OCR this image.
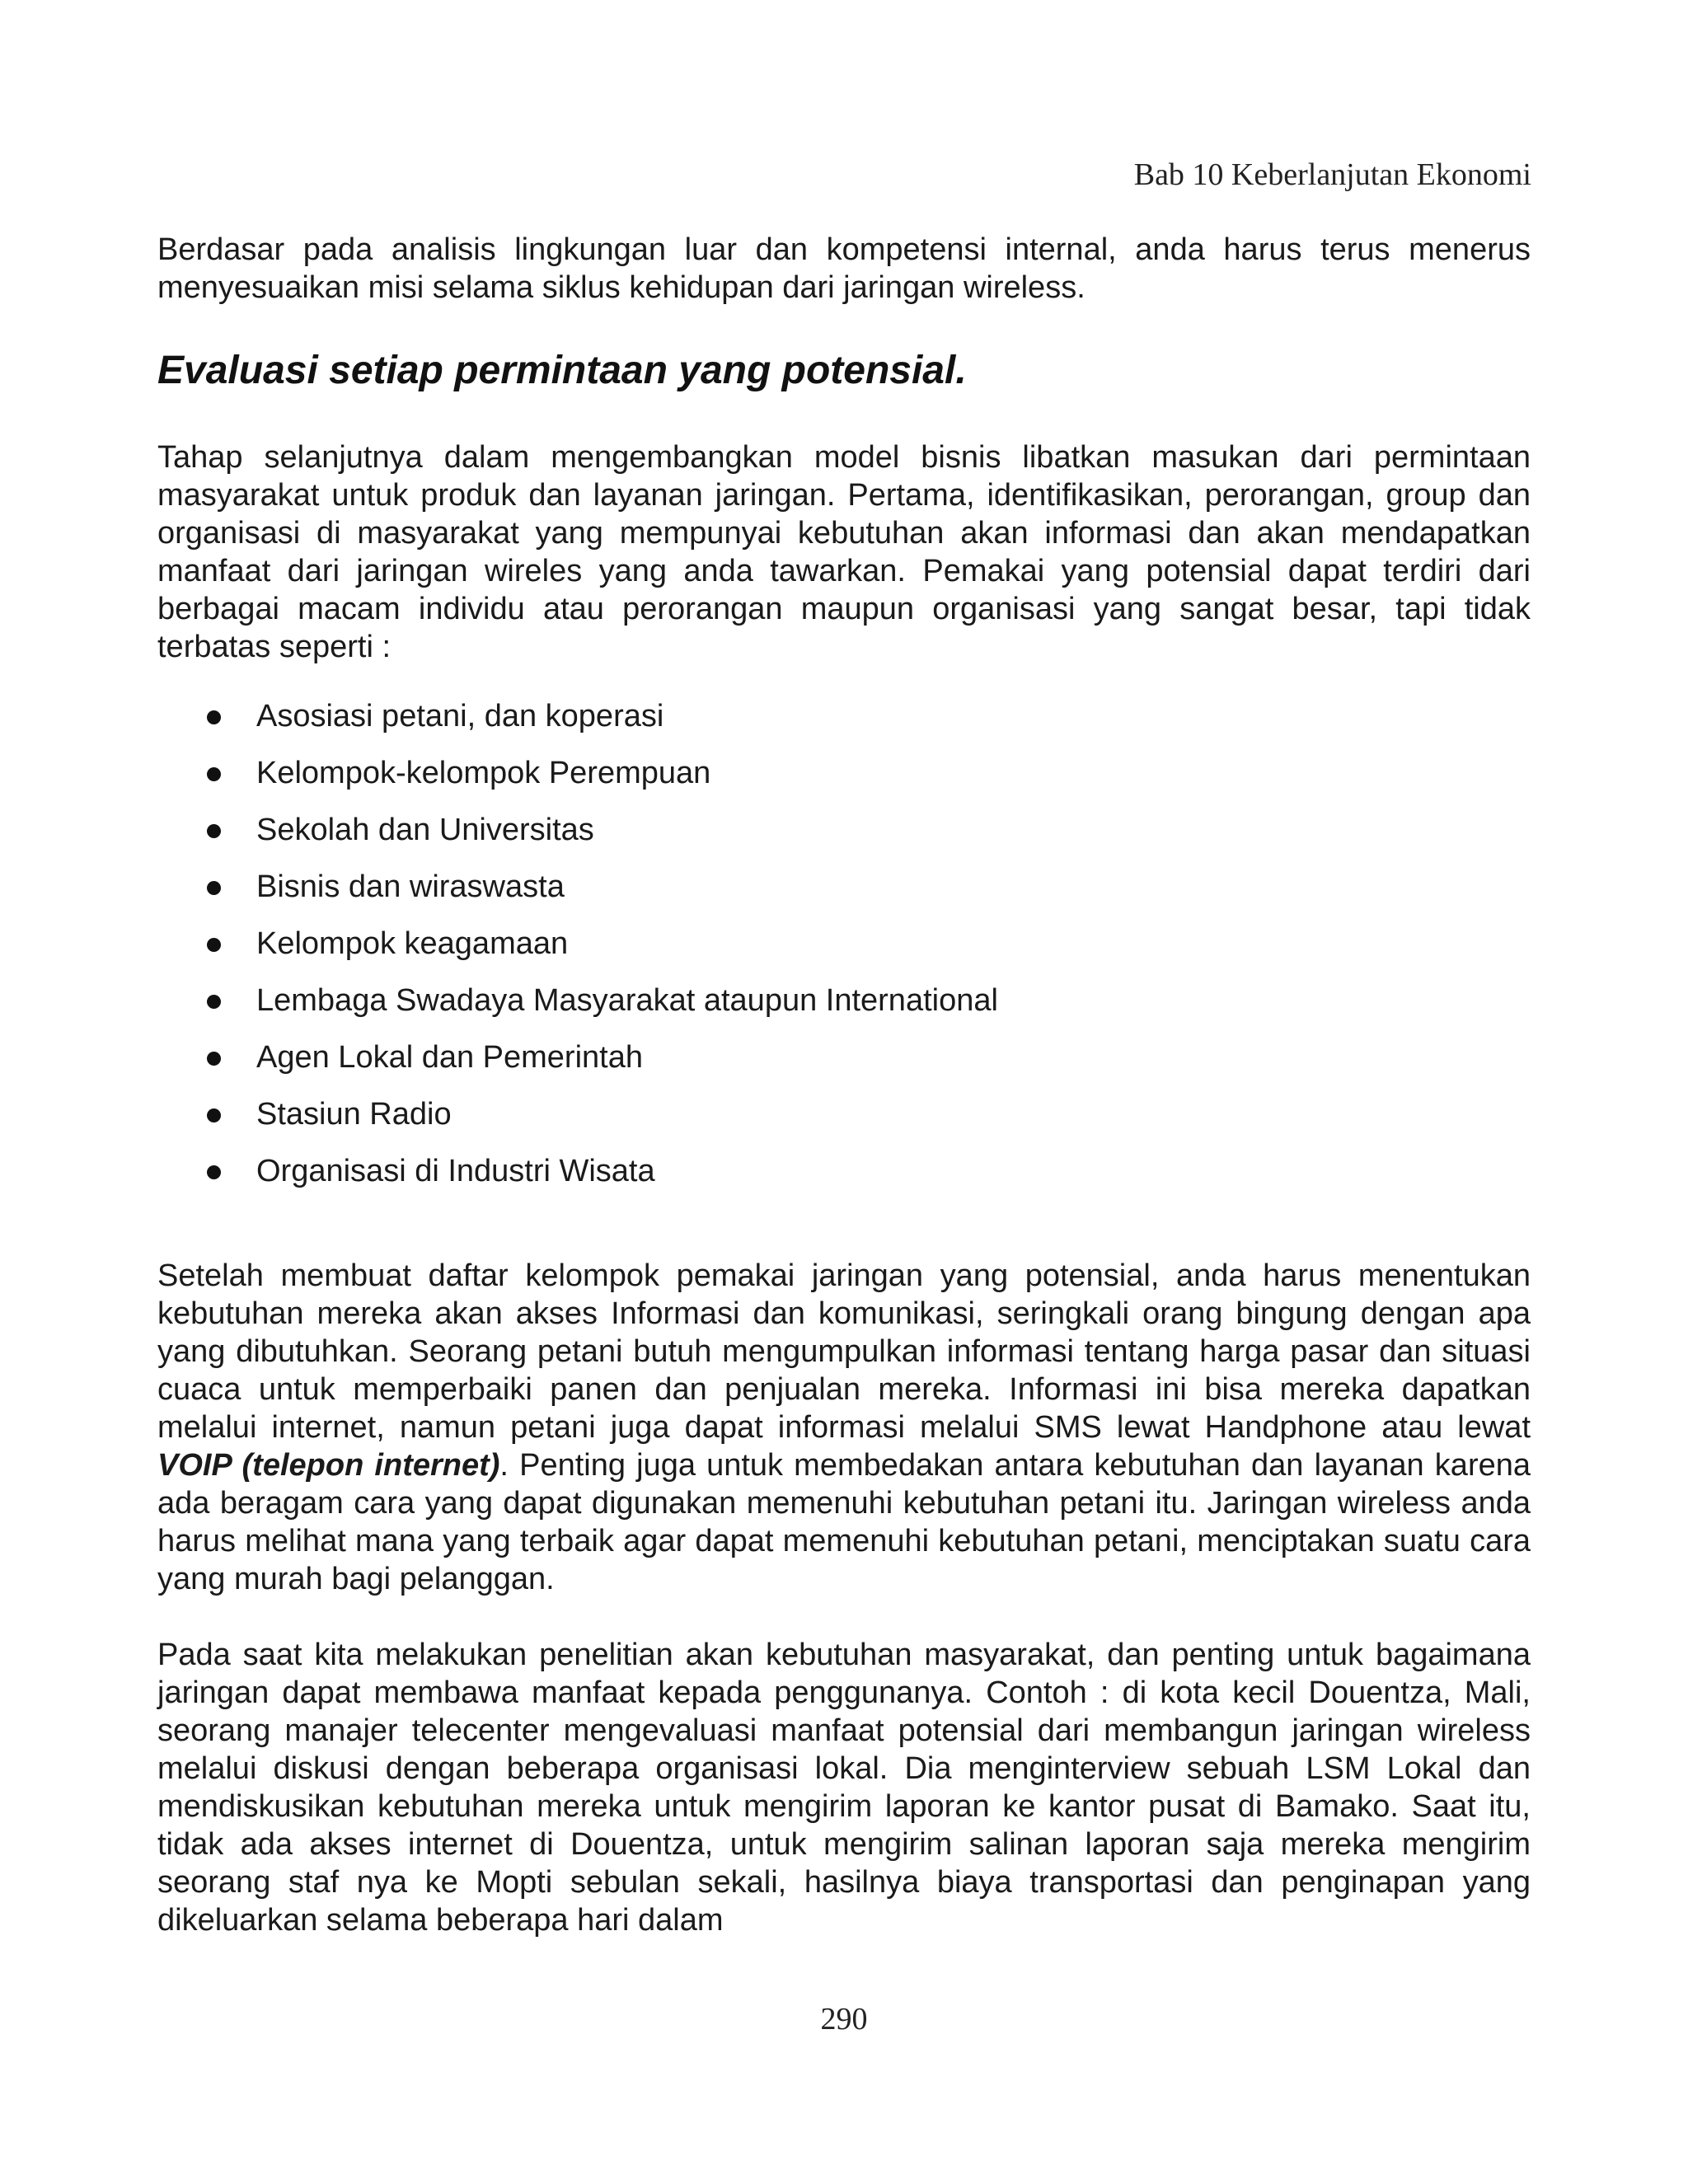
Bab 10 Keberlanjutan Ekonomi

Berdasar pada analisis lingkungan luar dan kompetensi internal, anda harus terus menerus menyesuaikan misi selama siklus kehidupan dari jaringan wireless.

Evaluasi setiap permintaan yang potensial.

Tahap selanjutnya dalam mengembangkan model bisnis libatkan masukan dari permintaan masyarakat untuk produk dan layanan jaringan. Pertama, identifikasikan, perorangan, group dan organisasi di masyarakat yang mempunyai kebutuhan akan informasi dan akan mendapatkan manfaat dari jaringan wireles yang anda tawarkan. Pemakai yang potensial dapat terdiri dari berbagai macam individu atau perorangan maupun organisasi yang sangat besar, tapi tidak terbatas seperti :

Asosiasi petani, dan koperasi
Kelompok-kelompok Perempuan
Sekolah dan Universitas
Bisnis dan wiraswasta
Kelompok keagamaan
Lembaga Swadaya Masyarakat ataupun International
Agen Lokal dan Pemerintah
Stasiun Radio
Organisasi di Industri Wisata

Setelah membuat daftar kelompok pemakai jaringan yang potensial, anda harus menentukan kebutuhan mereka akan akses Informasi dan komunikasi, seringkali orang bingung dengan apa yang dibutuhkan. Seorang petani butuh mengumpulkan informasi tentang harga pasar dan situasi cuaca untuk memperbaiki panen dan penjualan mereka. Informasi ini bisa mereka dapatkan melalui internet, namun petani juga dapat informasi melalui SMS lewat Handphone atau lewat VOIP (telepon internet). Penting juga untuk membedakan antara kebutuhan dan layanan karena ada beragam cara yang dapat digunakan memenuhi kebutuhan petani itu. Jaringan wireless anda harus melihat mana yang terbaik agar dapat memenuhi kebutuhan petani, menciptakan suatu cara yang murah bagi pelanggan.

Pada saat kita melakukan penelitian akan kebutuhan masyarakat, dan penting untuk bagaimana jaringan dapat membawa manfaat kepada penggunanya. Contoh : di kota kecil Douentza, Mali, seorang manajer telecenter mengevaluasi manfaat potensial dari membangun jaringan wireless melalui diskusi dengan beberapa organisasi lokal. Dia menginterview sebuah LSM Lokal dan mendiskusikan kebutuhan mereka untuk mengirim laporan ke kantor pusat di Bamako. Saat itu, tidak ada akses internet di Douentza, untuk mengirim salinan laporan saja mereka mengirim seorang staf nya ke Mopti sebulan sekali, hasilnya biaya transportasi dan penginapan yang dikeluarkan selama beberapa hari dalam

290
